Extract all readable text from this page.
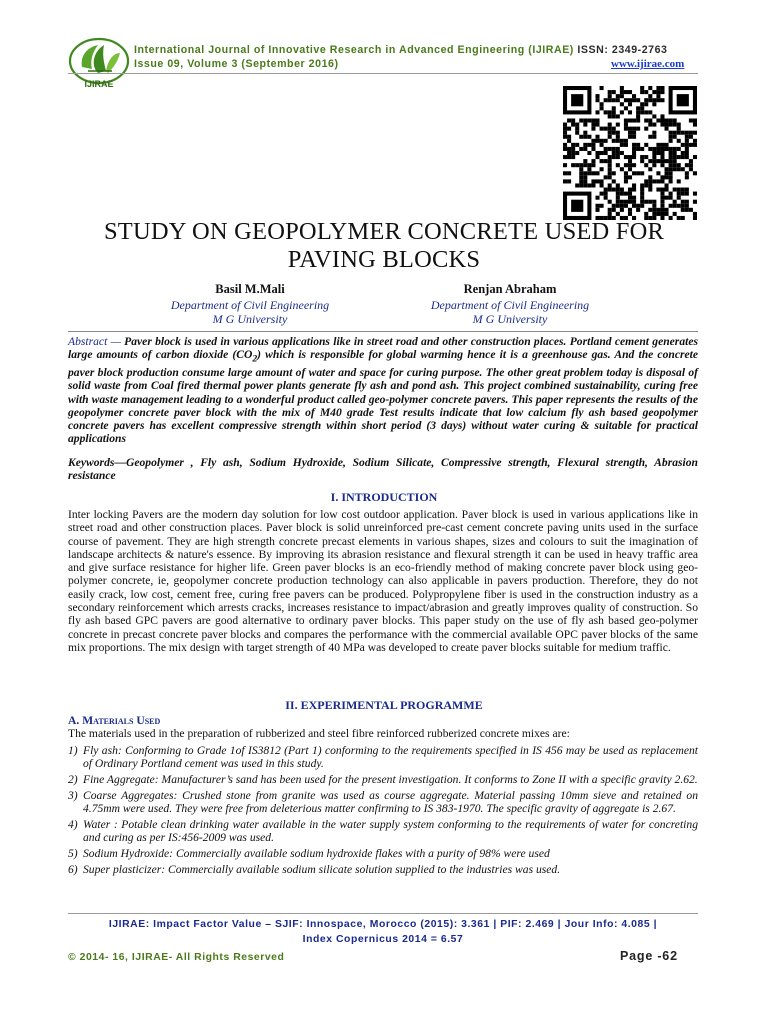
IJIRAE
International Journal of Innovative Research in Advanced Engineering (IJIRAE) ISSN: 2349-2763
Issue 09, Volume 3 (September 2016)	www.ijirae.com
STUDY ON GEOPOLYMER CONCRETE USED FOR
PAVING BLOCKS
Basil M.Mali	Renjan Abraham
Department of Civil Engineering
M G University
Department of Civil Engineering
M G University
Abstract — Paver block is used in various applications like in street road and other construction places. Portland cement generates large amounts of carbon dioxide $(CO_2)$ which is responsible for global warming hence it is a greenhouse gas. And the concrete paver block production consume large amount of water and space for curing purpose. The other great problem today is disposal of solid waste from Coal fired thermal power plants generate fly ash and pond ash. This project combined sustainability, curing free with waste management leading to a wonderful product called geo-polymer concrete pavers. This paper represents the results of the geopolymer concrete paver block with the mix of M40 grade Test results indicate that low calcium fly ash based geopolymer concrete pavers has excellent compressive strength within short period (3 days) without water curing & suitable for practical applications
Keywords—Geopolymer , Fly ash, Sodium Hydroxide, Sodium Silicate, Compressive strength, Flexural strength, Abrasion resistance
I. INTRODUCTION
Inter locking Pavers are the modern day solution for low cost outdoor application. Paver block is used in various applications like in street road and other construction places. Paver block is solid unreinforced pre-cast cement concrete paving units used in the surface course of pavement. They are high strength concrete precast elements in various shapes, sizes and colours to suit the imagination of landscape architects & nature's essence. By improving its abrasion resistance and flexural strength it can be used in heavy traffic area and give surface resistance for higher life. Green paver blocks is an eco-friendly method of making concrete paver block using geo-polymer concrete, ie, geopolymer concrete production technology can also applicable in pavers production. Therefore, they do not easily crack, low cost, cement free, curing free pavers can be produced. Polypropylene fiber is used in the construction industry as a secondary reinforcement which arrests cracks, increases resistance to impact/abrasion and greatly improves quality of construction. So fly ash based GPC pavers are good alternative to ordinary paver blocks. This paper study on the use of fly ash based geo-polymer concrete in precast concrete paver blocks and compares the performance with the commercial available OPC paver blocks of the same mix proportions. The mix design with target strength of 40 MPa was developed to create paver blocks suitable for medium traffic.
II. EXPERIMENTAL PROGRAMME
A. Materials Used
The materials used in the preparation of rubberized and steel fibre reinforced rubberized concrete mixes are:
1) Fly ash: Conforming to Grade 1of IS3812 (Part 1) conforming to the requirements specified in IS 456 may be used as replacement of Ordinary Portland cement was used in this study.
2) Fine Aggregate: Manufacturer’s sand has been used for the present investigation. It conforms to Zone II with a specific gravity 2.62.
3) Coarse Aggregates: Crushed stone from granite was used as course aggregate. Material passing 10mm sieve and retained on 4.75mm were used. They were free from deleterious matter confirming to IS 383-1970. The specific gravity of aggregate is 2.67.
4) Water : Potable clean drinking water available in the water supply system conforming to the requirements of water for concreting and curing as per IS:456-2009 was used.
5) Sodium Hydroxide: Commercially available sodium hydroxide flakes with a purity of 98% were used
6) Super plasticizer: Commercially available sodium silicate solution supplied to the industries was used.
IJIRAE: Impact Factor Value – SJIF: Innospace, Morocco (2015): 3.361 | PIF: 2.469 | Jour Info: 4.085 |
Index Copernicus 2014 = 6.57
© 2014- 16, IJIRAE- All Rights Reserved	Page -62
